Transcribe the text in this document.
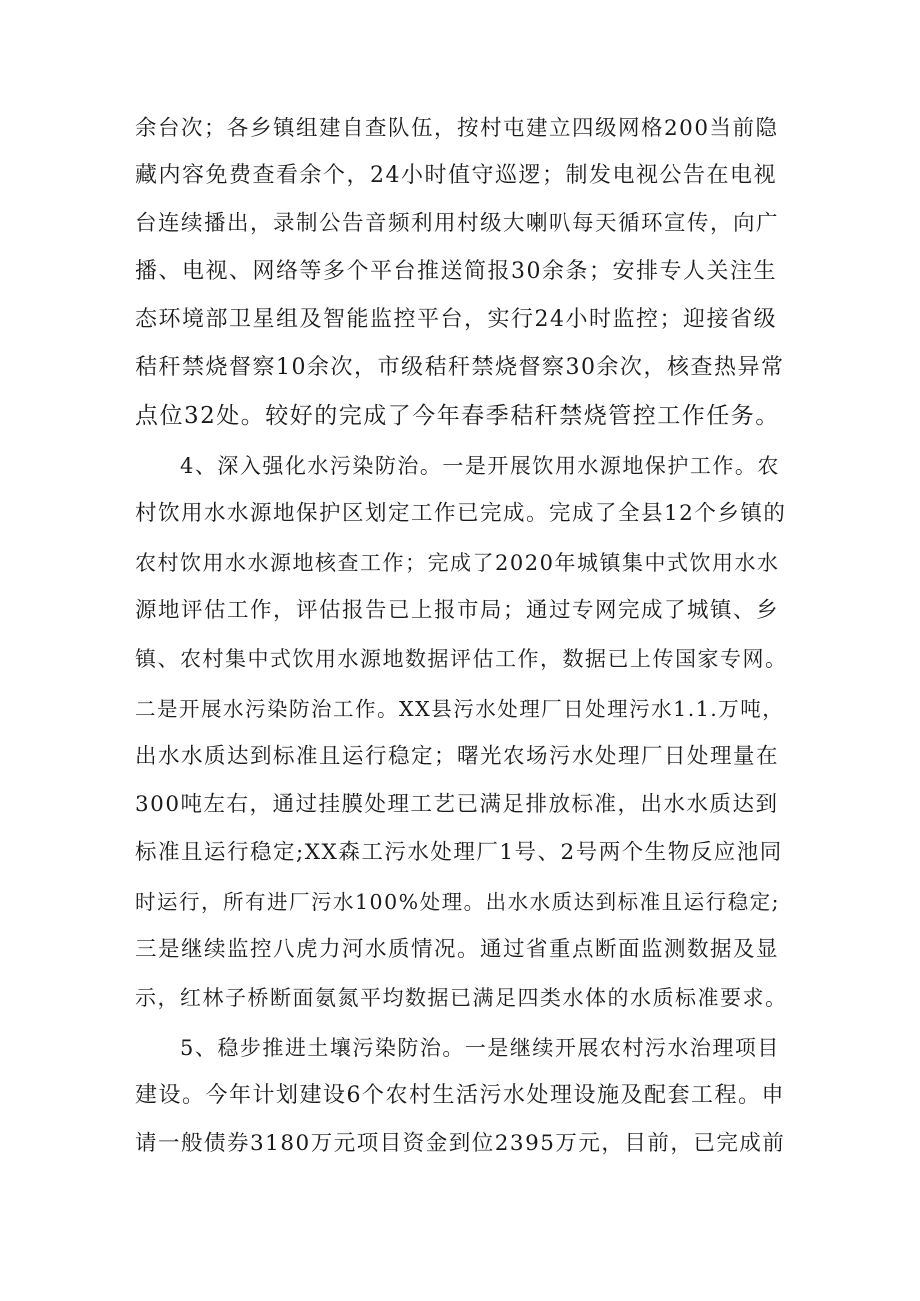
余台次；各乡镇组建自查队伍，按村屯建立四级网格200当前隐
藏内容免费查看余个，24小时值守巡逻；制发电视公告在电视
台连续播出，录制公告音频利用村级大喇叭每天循环宣传，向广
播、电视、网络等多个平台推送简报30余条；安排专人关注生
态环境部卫星组及智能监控平台，实行24小时监控；迎接省级
秸秆禁烧督察10余次，市级秸秆禁烧督察30余次，核查热异常
点位32处。较好的完成了今年春季秸秆禁烧管控工作任务。
4、深入强化水污染防治。一是开展饮用水源地保护工作。农
村饮用水水源地保护区划定工作已完成。完成了全县12个乡镇的
农村饮用水水源地核查工作；完成了2020年城镇集中式饮用水水
源地评估工作，评估报告已上报市局；通过专网完成了城镇、乡
镇、农村集中式饮用水源地数据评估工作，数据已上传国家专网。
二是开展水污染防治工作。XX县污水处理厂日处理污水1.1.万吨，
出水水质达到标准且运行稳定；曙光农场污水处理厂日处理量在
300吨左右，通过挂膜处理工艺已满足排放标准，出水水质达到
标准且运行稳定;XX森工污水处理厂1号、2号两个生物反应池同
时运行，所有进厂污水100%处理。出水水质达到标准且运行稳定;
三是继续监控八虎力河水质情况。通过省重点断面监测数据及显
示，红林子桥断面氨氮平均数据已满足四类水体的水质标准要求。
5、稳步推进土壤污染防治。一是继续开展农村污水治理项目
建设。今年计划建设6个农村生活污水处理设施及配套工程。申
请一般债券3180万元项目资金到位2395万元，目前，已完成前
